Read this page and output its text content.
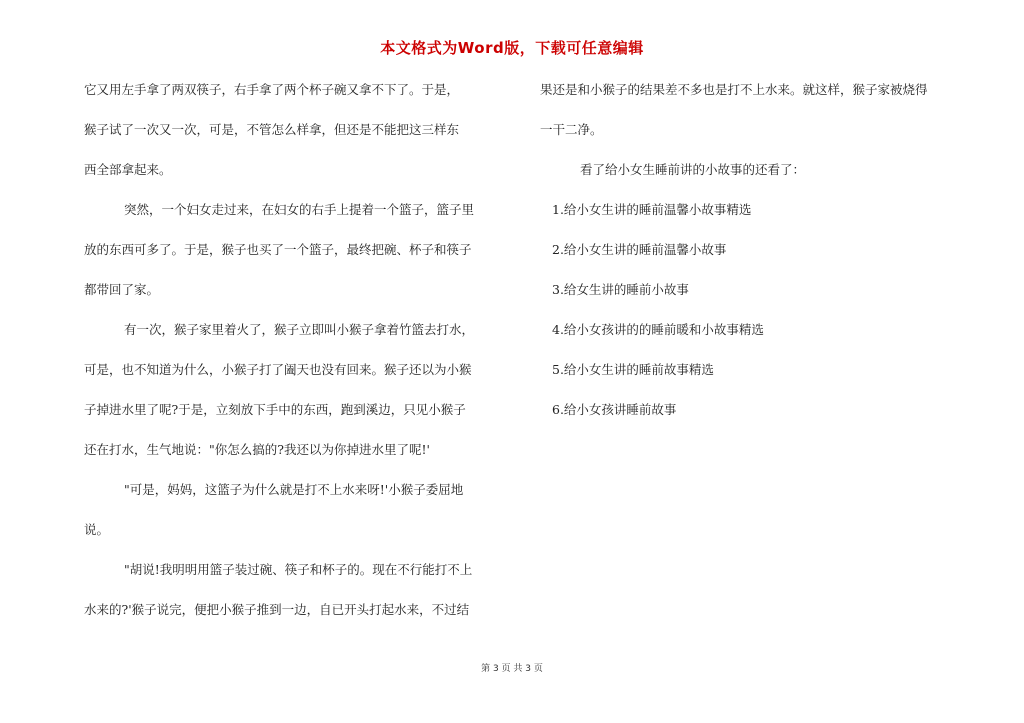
本文格式为Word版，下载可任意编辑
它又用左手拿了两双筷子，右手拿了两个杯子碗又拿不下了。于是，
猴子试了一次又一次，可是，不管怎么样拿，但还是不能把这三样东
西全部拿起来。
突然，一个妇女走过来，在妇女的右手上提着一个篮子，篮子里
放的东西可多了。于是，猴子也买了一个篮子，最终把碗、杯子和筷子
都带回了家。
有一次，猴子家里着火了，猴子立即叫小猴子拿着竹篮去打水，
可是，也不知道为什么，小猴子打了阖天也没有回来。猴子还以为小猴
子掉进水里了呢?于是，立刻放下手中的东西，跑到溪边，只见小猴子
还在打水，生气地说："你怎么搞的?我还以为你掉进水里了呢!'
"可是，妈妈，这篮子为什么就是打不上水来呀!'小猴子委屈地
说。
"胡说!我明明用篮子装过碗、筷子和杯子的。现在不行能打不上
水来的?'猴子说完，便把小猴子推到一边，自已开头打起水来，不过结
果还是和小猴子的结果差不多也是打不上水来。就这样，猴子家被烧得
一干二净。
看了给小女生睡前讲的小故事的还看了：
1.给小女生讲的睡前温馨小故事精选
2.给小女生讲的睡前温馨小故事
3.给女生讲的睡前小故事
4.给小女孩讲的的睡前暖和小故事精选
5.给小女生讲的睡前故事精选
6.给小女孩讲睡前故事
第 3 页 共 3 页
